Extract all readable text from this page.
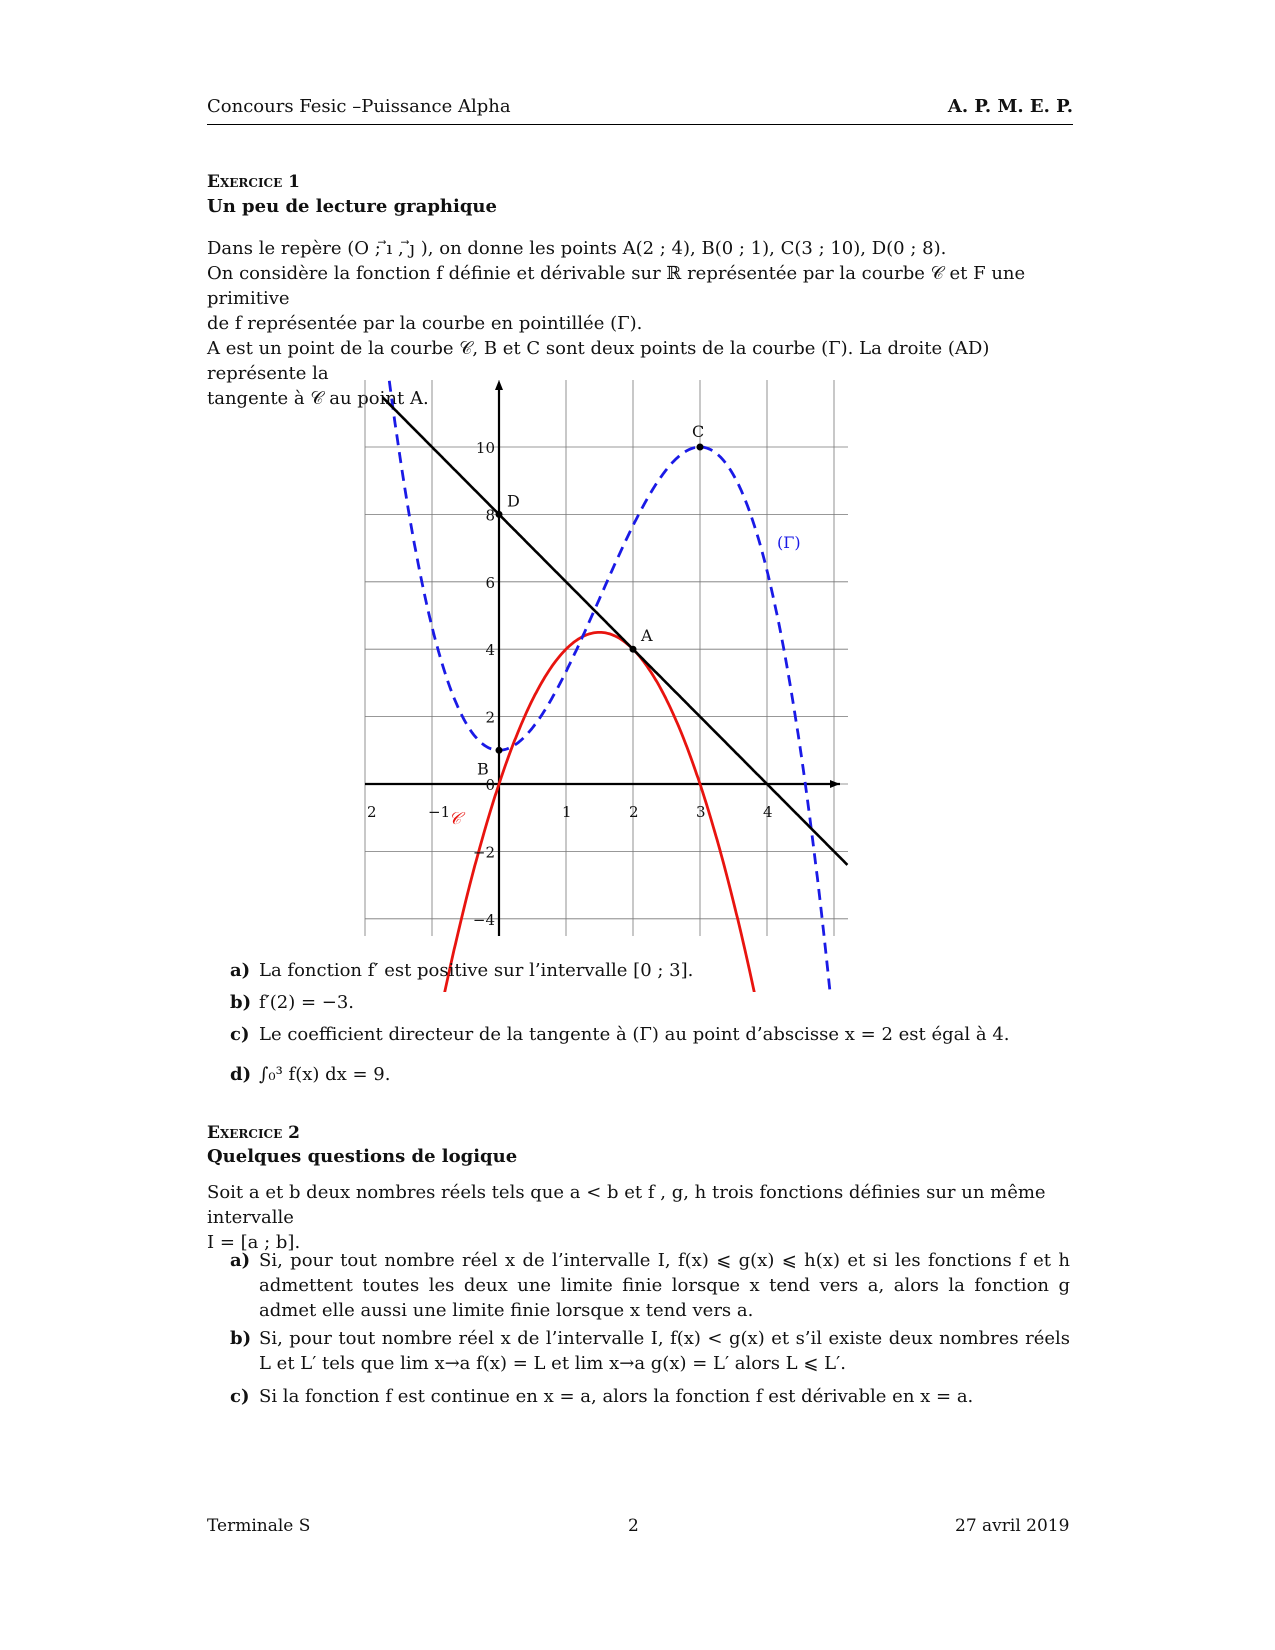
Concours Fesic –Puissance Alpha	A. P. M. E. P.
Exercice 1
Un peu de lecture graphique
Dans le repère (O ; ⃗ı , ⃗ȷ ), on donne les points A(2 ; 4), B(0 ; 1), C(3 ; 10), D(0 ; 8).
On considère la fonction f définie et dérivable sur ℝ représentée par la courbe 𝒞 et F une primitive
de f représentée par la courbe en pointillée (Γ).
A est un point de la courbe 𝒞, B et C sont deux points de la courbe (Γ). La droite (AD) représente la
tangente à 𝒞 au point A.
2	−1	1	2	3	4
10
8
6
4
2
0
−2
−4
A
B
C
D
𝒞
(Γ)
a) La fonction f′ est positive sur l’intervalle [0 ; 3].
b) f′(2) = −3.
c) Le coefficient directeur de la tangente à (Γ) au point d’abscisse x = 2 est égal à 4.
d) ∫₀³ f(x) dx = 9.
Exercice 2
Quelques questions de logique
Soit a et b deux nombres réels tels que a < b et f , g, h trois fonctions définies sur un même intervalle
I = [a ; b].
a) Si, pour tout nombre réel x de l’intervalle I, f(x) ⩽ g(x) ⩽ h(x) et si les fonctions f et h admettent toutes les deux une limite finie lorsque x tend vers a, alors la fonction g admet elle aussi une limite finie lorsque x tend vers a.
b) Si, pour tout nombre réel x de l’intervalle I, f(x) < g(x) et s’il existe deux nombres réels L et L′ tels que lim x→a f(x) = L et lim x→a g(x) = L′ alors L ⩽ L′.
c) Si la fonction f est continue en x = a, alors la fonction f est dérivable en x = a.
Terminale S	2	27 avril 2019
